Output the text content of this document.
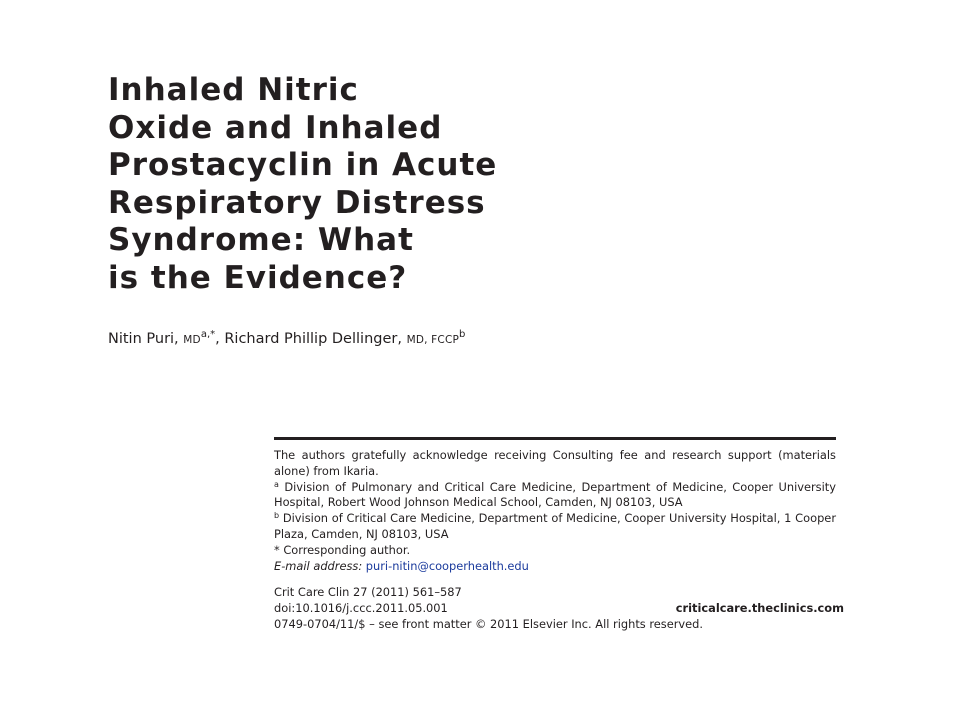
Inhaled Nitric
Oxide and Inhaled
Prostacyclin in Acute
Respiratory Distress
Syndrome: What
is the Evidence?
Nitin Puri, $MD^{a,*}$, Richard Phillip Dellinger, MD, FCCP$^b$

The authors gratefully acknowledge receiving Consulting fee and research support (materials alone) from Ikaria.

$^a$ Division of Pulmonary and Critical Care Medicine, Department of Medicine, Cooper University Hospital, Robert Wood Johnson Medical School, Camden, NJ 08103, USA

$^b$ Division of Critical Care Medicine, Department of Medicine, Cooper University Hospital, 1 Cooper Plaza, Camden, NJ 08103, USA

* Corresponding author.

E-mail address: puri-nitin@cooperhealth.edu

Crit Care Clin 27 (2011) 561–587
doi:10.1016/j.ccc.2011.05.001
0749-0704/11/$ – see front matter © 2011 Elsevier Inc. All rights reserved.
criticalcare.theclinics.com
